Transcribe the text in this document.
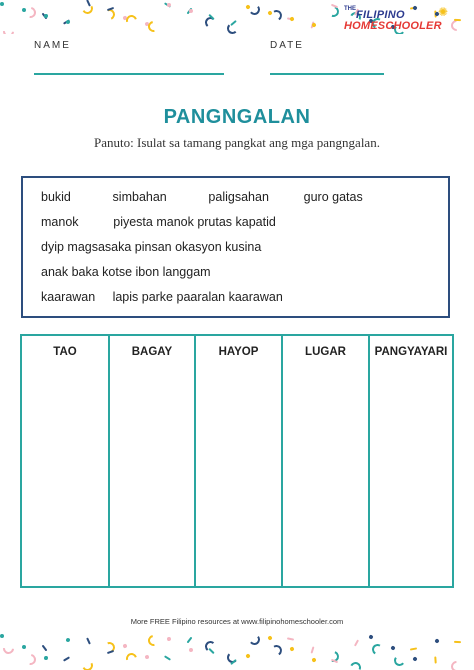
$^{THE}$FILIPINO
HOMESCHOOLER
✺
NAME	DATE
PANGNGALAN
Panuto: Isulat sa tamang pangkat ang mga pangngalan.
bukid            simbahan            paligsahan          guro gatas
manok          piyesta manok prutas kapatid
dyip magsasaka pinsan okasyon kusina
anak baka kotse ibon langgam
kaarawan     lapis parke paaralan kaarawan
TAO	BAGAY	HAYOP	LUGAR	PANGYAYARI
More FREE Filipino resources at www.filipinohomeschooler.com
